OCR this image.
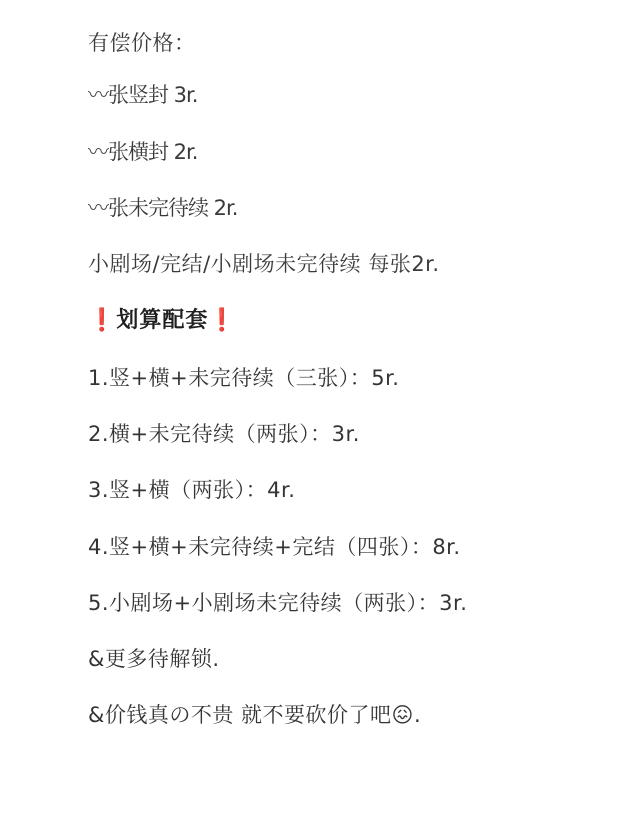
有偿价格：

〰张竖封 3r.

〰张横封 2r.

〰张未完待续 2r.

小剧场/完结/小剧场未完待续 每张2r.

❗划算配套❗

1.竖+横+未完待续（三张）：5r.

2.横+未完待续（两张）：3r.

3.竖+横（两张）：4r.

4.竖+横+未完待续+完结（四张）：8r.

5.小剧场+小剧场未完待续（两张）：3r.

&更多待解锁.

&价钱真の不贵 就不要砍价了吧😖.
